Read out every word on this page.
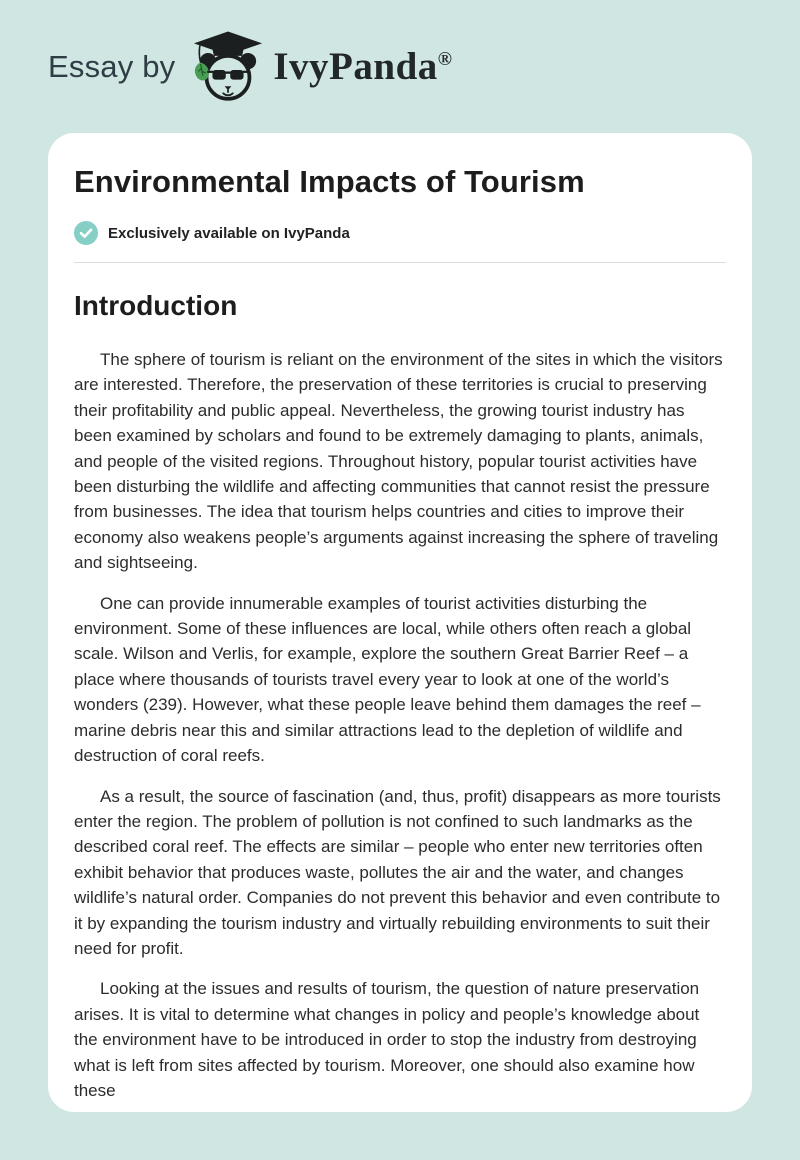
Essay by	IvyPanda®
Environmental Impacts of Tourism
Exclusively available on IvyPanda
Introduction

The sphere of tourism is reliant on the environment of the sites in which the visitors are interested. Therefore, the preservation of these territories is crucial to preserving their profitability and public appeal. Nevertheless, the growing tourist industry has been examined by scholars and found to be extremely damaging to plants, animals, and people of the visited regions. Throughout history, popular tourist activities have been disturbing the wildlife and affecting communities that cannot resist the pressure from businesses. The idea that tourism helps countries and cities to improve their economy also weakens people’s arguments against increasing the sphere of traveling and sightseeing.

One can provide innumerable examples of tourist activities disturbing the environment. Some of these influences are local, while others often reach a global scale. Wilson and Verlis, for example, explore the southern Great Barrier Reef – a place where thousands of tourists travel every year to look at one of the world’s wonders (239). However, what these people leave behind them damages the reef – marine debris near this and similar attractions lead to the depletion of wildlife and destruction of coral reefs.

As a result, the source of fascination (and, thus, profit) disappears as more tourists enter the region. The problem of pollution is not confined to such landmarks as the described coral reef. The effects are similar – people who enter new territories often exhibit behavior that produces waste, pollutes the air and the water, and changes wildlife’s natural order. Companies do not prevent this behavior and even contribute to it by expanding the tourism industry and virtually rebuilding environments to suit their need for profit.

Looking at the issues and results of tourism, the question of nature preservation arises. It is vital to determine what changes in policy and people’s knowledge about the environment have to be introduced in order to stop the industry from destroying what is left from sites affected by tourism. Moreover, one should also examine how these
